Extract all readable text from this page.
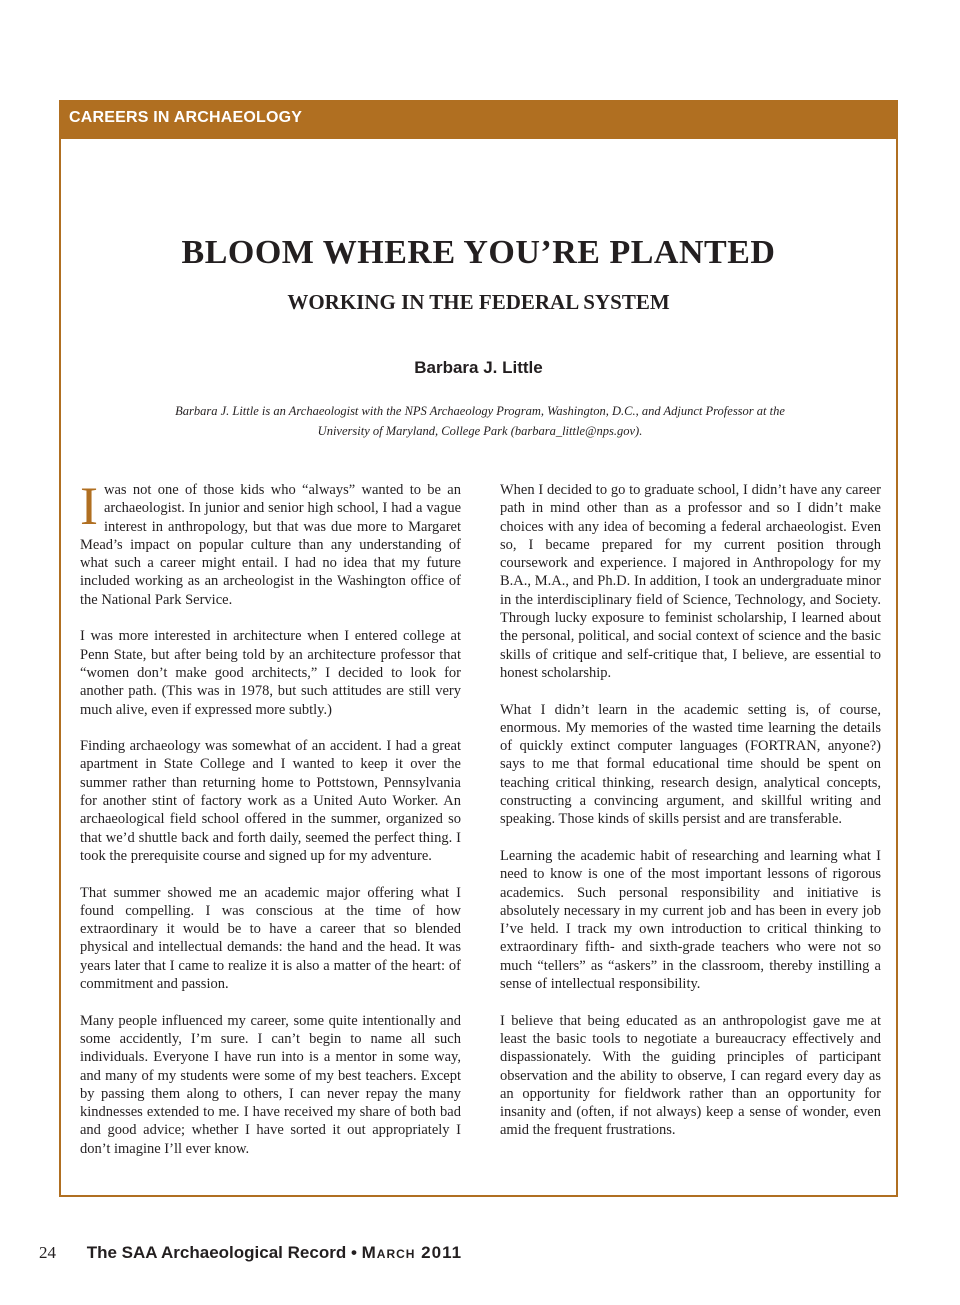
CAREERS IN ARCHAEOLOGY
BLOOM WHERE YOU’RE PLANTED
WORKING IN THE FEDERAL SYSTEM
Barbara J. Little
Barbara J. Little is an Archaeologist with the NPS Archaeology Program, Washington, D.C., and Adjunct Professor at the
University of Maryland, College Park (barbara_little@nps.gov).

Iwas not one of those kids who “always” wanted to be an archaeologist. In junior and senior high school, I had a vague interest in anthropology, but that was due more to Margaret Mead’s impact on popular culture than any understanding of what such a career might entail. I had no idea that my future included working as an archeologist in the Washington office of the National Park Service.

I was more interested in architecture when I entered college at Penn State, but after being told by an architecture professor that “women don’t make good architects,” I decided to look for another path. (This was in 1978, but such attitudes are still very much alive, even if expressed more subtly.)

Finding archaeology was somewhat of an accident. I had a great apartment in State College and I wanted to keep it over the summer rather than returning home to Pottstown, Pennsylvania for another stint of factory work as a United Auto Worker. An archaeological field school offered in the summer, organized so that we’d shuttle back and forth daily, seemed the perfect thing. I took the prerequisite course and signed up for my adventure.

That summer showed me an academic major offering what I found compelling. I was conscious at the time of how extraordinary it would be to have a career that so blended physical and intellectual demands: the hand and the head. It was years later that I came to realize it is also a matter of the heart: of commitment and passion.

Many people influenced my career, some quite intentionally and some accidently, I’m sure. I can’t begin to name all such individuals. Everyone I have run into is a mentor in some way, and many of my students were some of my best teachers. Except by passing them along to others, I can never repay the many kindnesses extended to me. I have received my share of both bad and good advice; whether I have sorted it out appropriately I don’t imagine I’ll ever know.

When I decided to go to graduate school, I didn’t have any career path in mind other than as a professor and so I didn’t make choices with any idea of becoming a federal archaeologist. Even so, I became prepared for my current position through coursework and experience. I majored in Anthropology for my B.A., M.A., and Ph.D. In addition, I took an undergraduate minor in the interdisciplinary field of Science, Technology, and Society. Through lucky exposure to feminist scholarship, I learned about the personal, political, and social context of science and the basic skills of critique and self-critique that, I believe, are essential to honest scholarship.

What I didn’t learn in the academic setting is, of course, enormous. My memories of the wasted time learning the details of quickly extinct computer languages (FORTRAN, anyone?) says to me that formal educational time should be spent on teaching critical thinking, research design, analytical concepts, constructing a convincing argument, and skillful writing and speaking. Those kinds of skills persist and are transferable.

Learning the academic habit of researching and learning what I need to know is one of the most important lessons of rigorous academics. Such personal responsibility and initiative is absolutely necessary in my current job and has been in every job I’ve held. I track my own introduction to critical thinking to extraordinary fifth- and sixth-grade teachers who were not so much “tellers” as “askers” in the classroom, thereby instilling a sense of intellectual responsibility.

I believe that being educated as an anthropologist gave me at least the basic tools to negotiate a bureaucracy effectively and dispassionately. With the guiding principles of participant observation and the ability to observe, I can regard every day as an opportunity for fieldwork rather than an opportunity for insanity and (often, if not always) keep a sense of wonder, even amid the frequent frustrations.

24 The SAA Archaeological Record • March 2011
